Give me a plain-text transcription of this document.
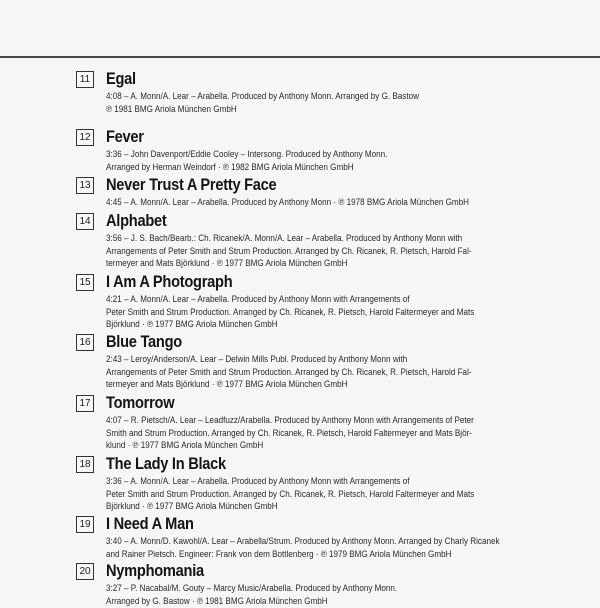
11 Egal
4:08 – A. Monn/A. Lear – Arabella. Produced by Anthony Monn. Arranged by G. Bastow
℗ 1981 BMG Ariola München GmbH
12 Fever
3:36 – John Davenport/Eddie Cooley – Intersong. Produced by Anthony Monn.
Arranged by Herman Weindorf · ℗ 1982 BMG Ariola München GmbH
13 Never Trust A Pretty Face
4:45 – A. Monn/A. Lear – Arabella. Produced by Anthony Monn · ℗ 1978 BMG Ariola München GmbH
14 Alphabet
3:56 – J. S. Bach/Bearb.: Ch. Ricanek/A. Monn/A. Lear – Arabella. Produced by Anthony Monn with
Arrangements of Peter Smith and Strum Production. Arranged by Ch. Ricanek, R. Pietsch, Harold Fal-
termeyer and Mats Björklund · ℗ 1977 BMG Ariola München GmbH
15 I Am A Photograph
4:21 – A. Monn/A. Lear – Arabella. Produced by Anthony Monn with Arrangements of
Peter Smith and Strum Production. Arranged by Ch. Ricanek, R. Pietsch, Harold Faltermeyer and Mats
Björklund · ℗ 1977 BMG Ariola München GmbH
16 Blue Tango
2:43 – Leroy/Anderson/A. Lear – Delwin Mills Publ. Produced by Anthony Monn with
Arrangements of Peter Smith and Strum Production. Arranged by Ch. Ricanek, R. Pietsch, Harold Fal-
termeyer and Mats Björklund · ℗ 1977 BMG Ariola München GmbH
17 Tomorrow
4:07 – R. Pietsch/A. Lear – Leadfuzz/Arabella. Produced by Anthony Monn with Arrangements of Peter
Smith and Strum Production. Arranged by Ch. Ricanek, R. Pietsch, Harold Faltermeyer and Mats Björ-
klund · ℗ 1977 BMG Ariola München GmbH
18 The Lady In Black
3:36 – A. Monn/A. Lear – Arabella. Produced by Anthony Monn with Arrangements of
Peter Smith and Strum Production. Arranged by Ch. Ricanek, R. Pietsch, Harold Faltermeyer and Mats
Björklund · ℗ 1977 BMG Ariola München GmbH
19 I Need A Man
3:40 – A. Monn/D. Kawohl/A. Lear – Arabella/Strum. Produced by Anthony Monn. Arranged by Charly Ricanek
and Rainer Pietsch. Engineer: Frank von dem Bottlenberg · ℗ 1979 BMG Ariola München GmbH
20 Nymphomania
3:27 – P. Nacabal/M. Gouty – Marcy Music/Arabella. Produced by Anthony Monn.
Arranged by G. Bastow · ℗ 1981 BMG Ariola München GmbH
